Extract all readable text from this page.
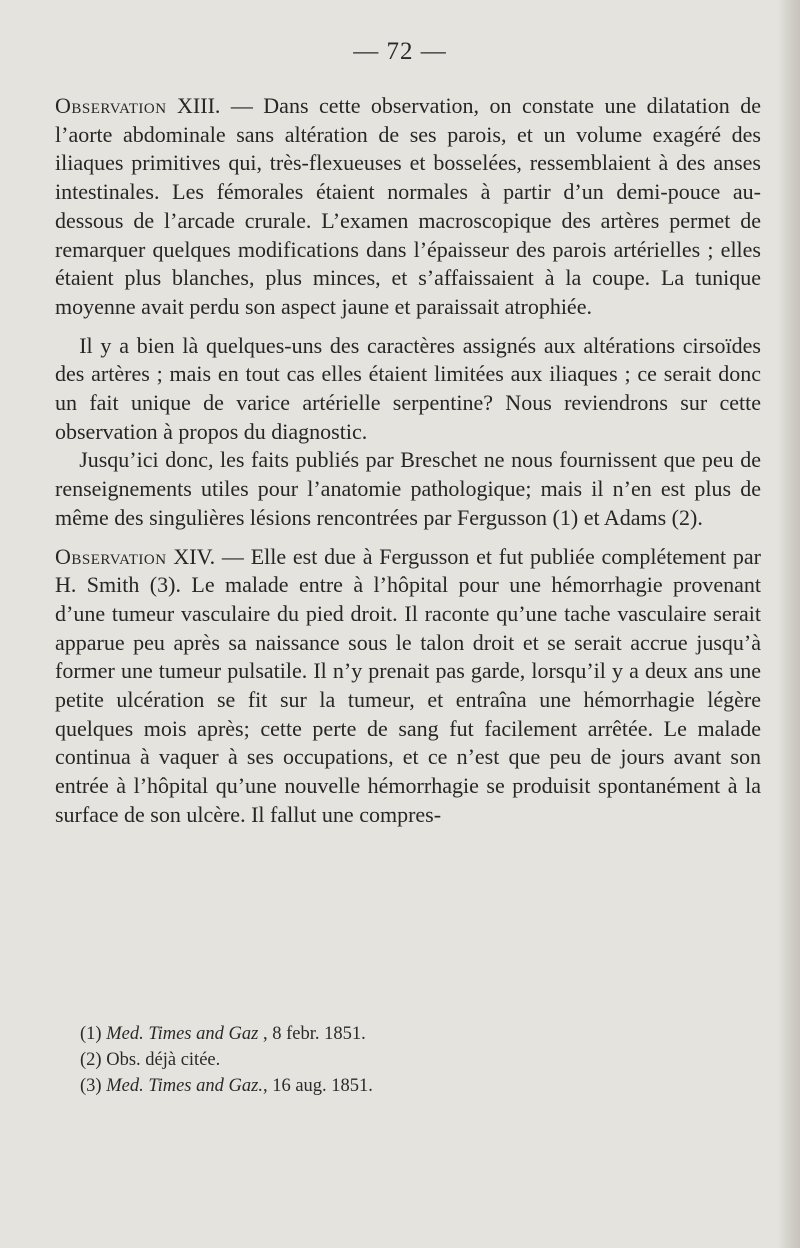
— 72 —

Observation XIII. — Dans cette observation, on constate une dilatation de l’aorte abdominale sans altération de ses parois, et un volume exagéré des iliaques primitives qui, très-flexueuses et bosselées, ressemblaient à des anses intestinales. Les fémorales étaient normales à partir d’un demi-pouce au-dessous de l’arcade crurale. L’examen macroscopique des artères permet de remarquer quelques modifications dans l’épaisseur des parois artérielles ; elles étaient plus blanches, plus minces, et s’affaissaient à la coupe. La tunique moyenne avait perdu son aspect jaune et paraissait atrophiée.

Il y a bien là quelques-uns des caractères assignés aux altérations cirsoïdes des artères ; mais en tout cas elles étaient limitées aux iliaques ; ce serait donc un fait unique de varice artérielle serpentine? Nous reviendrons sur cette observation à propos du diagnostic.

Jusqu’ici donc, les faits publiés par Breschet ne nous fournissent que peu de renseignements utiles pour l’anatomie pathologique; mais il n’en est plus de même des singulières lésions rencontrées par Fergusson (1) et Adams (2).

Observation XIV. — Elle est due à Fergusson et fut publiée complétement par H. Smith (3). Le malade entre à l’hôpital pour une hémorrhagie provenant d’une tumeur vasculaire du pied droit. Il raconte qu’une tache vasculaire serait apparue peu après sa naissance sous le talon droit et se serait accrue jusqu’à former une tumeur pulsatile. Il n’y prenait pas garde, lorsqu’il y a deux ans une petite ulcération se fit sur la tumeur, et entraîna une hémorrhagie légère quelques mois après; cette perte de sang fut facilement arrêtée. Le malade continua à vaquer à ses occupations, et ce n’est que peu de jours avant son entrée à l’hôpital qu’une nouvelle hémorrhagie se produisit spontanément à la surface de son ulcère. Il fallut une compres-

(1) Med. Times and Gaz , 8 febr. 1851.
(2) Obs. déjà citée.
(3) Med. Times and Gaz., 16 aug. 1851.
